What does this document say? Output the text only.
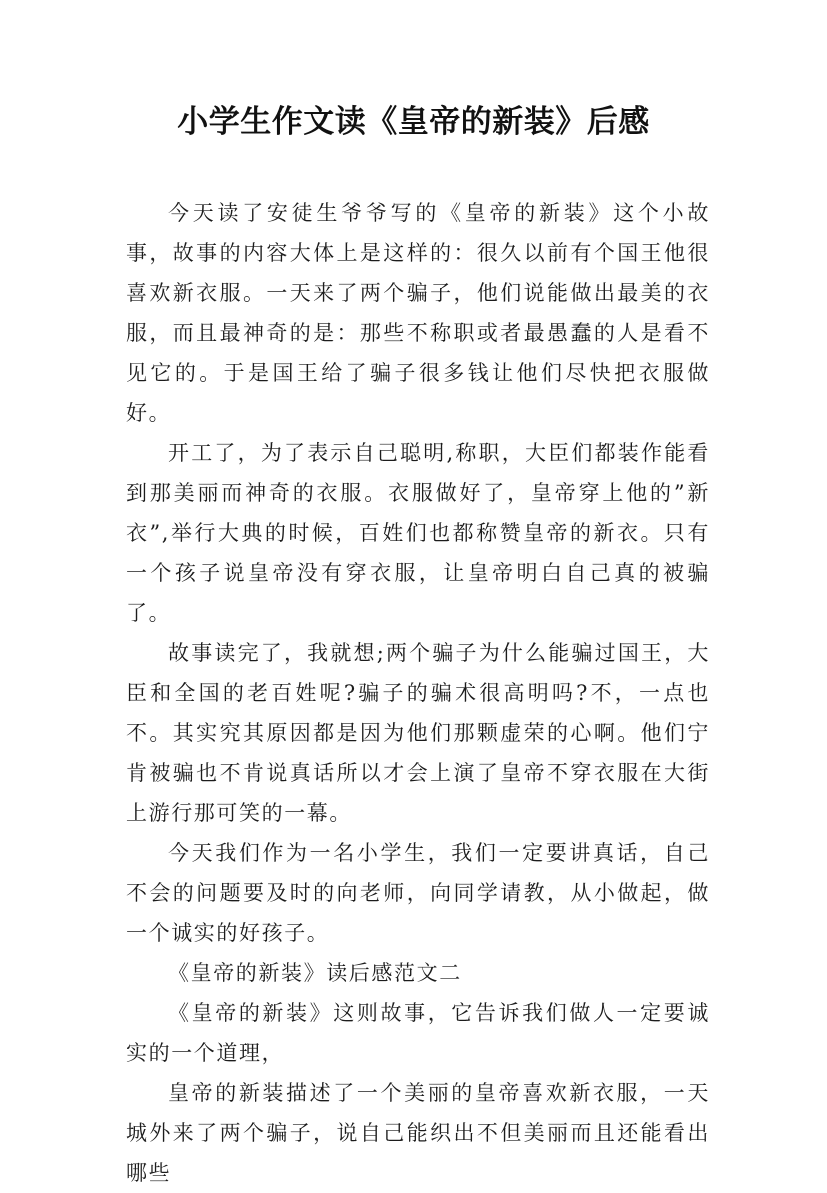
小学生作文读《皇帝的新装》后感

今天读了安徒生爷爷写的《皇帝的新装》这个小故事，故事的内容大体上是这样的：很久以前有个国王他很喜欢新衣服。一天来了两个骗子，他们说能做出最美的衣服，而且最神奇的是：那些不称职或者最愚蠢的人是看不见它的。于是国王给了骗子很多钱让他们尽快把衣服做好。

开工了，为了表示自己聪明,称职，大臣们都装作能看到那美丽而神奇的衣服。衣服做好了，皇帝穿上他的”新衣”,举行大典的时候，百姓们也都称赞皇帝的新衣。只有一个孩子说皇帝没有穿衣服，让皇帝明白自己真的被骗了。

故事读完了，我就想;两个骗子为什么能骗过国王，大臣和全国的老百姓呢?骗子的骗术很高明吗?不，一点也不。其实究其原因都是因为他们那颗虚荣的心啊。他们宁肯被骗也不肯说真话所以才会上演了皇帝不穿衣服在大街上游行那可笑的一幕。

今天我们作为一名小学生，我们一定要讲真话，自己不会的问题要及时的向老师，向同学请教，从小做起，做一个诚实的好孩子。

《皇帝的新装》读后感范文二

《皇帝的新装》这则故事，它告诉我们做人一定要诚实的一个道理，

皇帝的新装描述了一个美丽的皇帝喜欢新衣服，一天城外来了两个骗子，说自己能织出不但美丽而且还能看出哪些
